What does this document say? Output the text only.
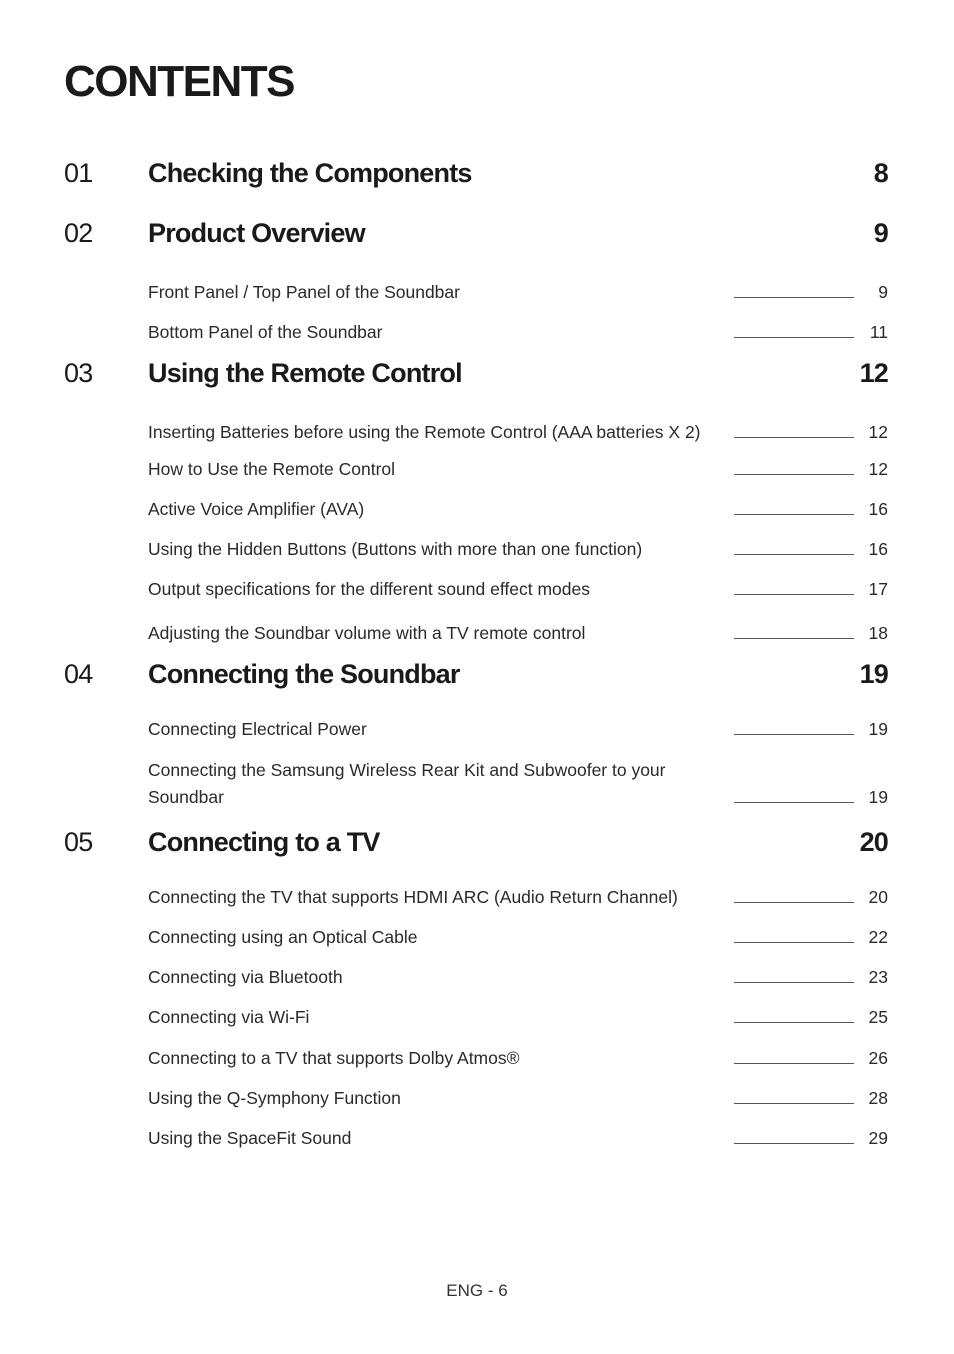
CONTENTS
01 Checking the Components	8
02 Product Overview	9
Front Panel / Top Panel of the Soundbar	9
Bottom Panel of the Soundbar	11
03 Using the Remote Control	12
Inserting Batteries before using the Remote Control (AAA batteries X 2)	12
How to Use the Remote Control	12
Active Voice Amplifier (AVA)	16
Using the Hidden Buttons (Buttons with more than one function)	16
Output specifications for the different sound effect modes	17
Adjusting the Soundbar volume with a TV remote control	18
04 Connecting the Soundbar	19
Connecting Electrical Power	19
Connecting the Samsung Wireless Rear Kit and Subwoofer to your Soundbar	19
05 Connecting to a TV	20
Connecting the TV that supports HDMI ARC (Audio Return Channel)	20
Connecting using an Optical Cable	22
Connecting via Bluetooth	23
Connecting via Wi-Fi	25
Connecting to a TV that supports Dolby Atmos®	26
Using the Q-Symphony Function	28
Using the SpaceFit Sound	29
ENG - 6
